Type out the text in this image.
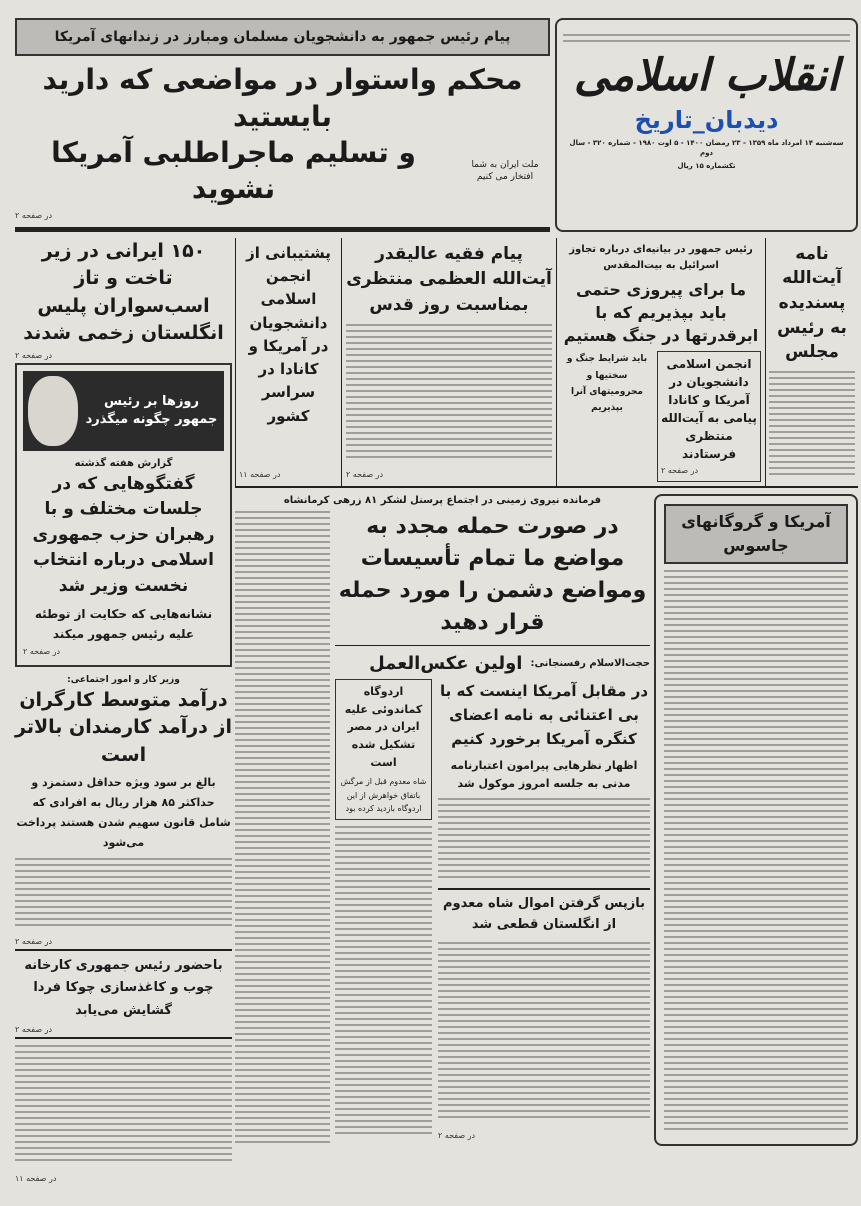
انقلاب اسلامی
دیدبان_تاریخ
سه‌شنبه ۱۴ امرداد ماه ۱۳۵۹ - ۲۳ رمضان ۱۴۰۰ - ۵ اوت ۱۹۸۰ - شماره ۳۲۰ - سال دوم
تکشماره ۱۵ ریال
پیام رئیس جمهور به دانشجویان مسلمان ومبارز در زندانهای آمریکا
محکم واستوار در مواضعی که دارید بایستید
ملت ایران به شما افتخار می کنیم
و تسلیم ماجراطلبی آمریکا نشوید
در صفحه ۲
نامه آیت‌الله پسندیده به رئیس مجلس
رئیس جمهور در بیانیه‌ای درباره تجاوز اسرائیل به بیت‌المقدس
ما برای پیروزی حتمی باید بپذیریم که با ابرقدرتها در جنگ هستیم
انجمن اسلامی دانشجویان در آمریکا و کانادا پیامی به آیت‌الله منتظری فرستادند
در صفحه ۲
باید شرایط جنگ و سختیها و محرومیتهای آنرا بپذیریم
پیام فقیه عالیقدر آیت‌الله العظمی منتظری بمناسبت روز قدس
در صفحه ۲
پشتیبانی از انجمن اسلامی دانشجویان در آمریکا و کانادا در سراسر کشور
در صفحه ۱۱
آمریکا و گروگانهای جاسوس
فرمانده نیروی زمینی در اجتماع پرسنل لشکر ۸۱ زرهی کرمانشاه
در صورت حمله مجدد به مواضع ما تمام تأسیسات ومواضع دشمن را مورد حمله قرار دهید
حجت‌الاسلام رفسنجانی:
اولین عکس‌العمل
در مقابل آمریکا اینست که با بی اعتنائی به نامه اعضای کنگره آمریکا برخورد کنیم
اظهار نظرهایی پیرامون اعتبارنامه مدنی به جلسه امروز موکول شد
بازپس گرفتن اموال شاه معدوم از انگلستان قطعی شد
در صفحه ۲
اردوگاه کماندوئی علیه ایران در مصر تشکیل شده است
شاه معدوم قبل از مرگش باتفاق خواهرش از این اردوگاه بازدید کرده بود
۱۵۰ ایرانی در زیر تاخت و تاز اسب‌سواران پلیس انگلستان زخمی شدند
در صفحه ۲
روزها بر رئیس جمهور چگونه میگذرد
گزارش هفته گذشته
گفتگوهایی که در جلسات مختلف و با رهبران حزب جمهوری اسلامی درباره انتخاب نخست وزیر شد
نشانه‌هایی که حکایت از توطئه علیه رئیس جمهور میکند
در صفحه ۲
وزیر کار و امور اجتماعی:
درآمد متوسط کارگران از درآمد کارمندان بالاتر است
بالغ بر سود ویژه حداقل دستمزد و حداکثر ۸۵ هزار ریال به افرادی که شامل قانون سهیم شدن هستند پرداخت می‌شود
در صفحه ۲
باحضور رئیس جمهوری کارخانه چوب و کاغذسازی چوکا فردا گشایش می‌یابد
در صفحه ۲
در صفحه ۱۱
